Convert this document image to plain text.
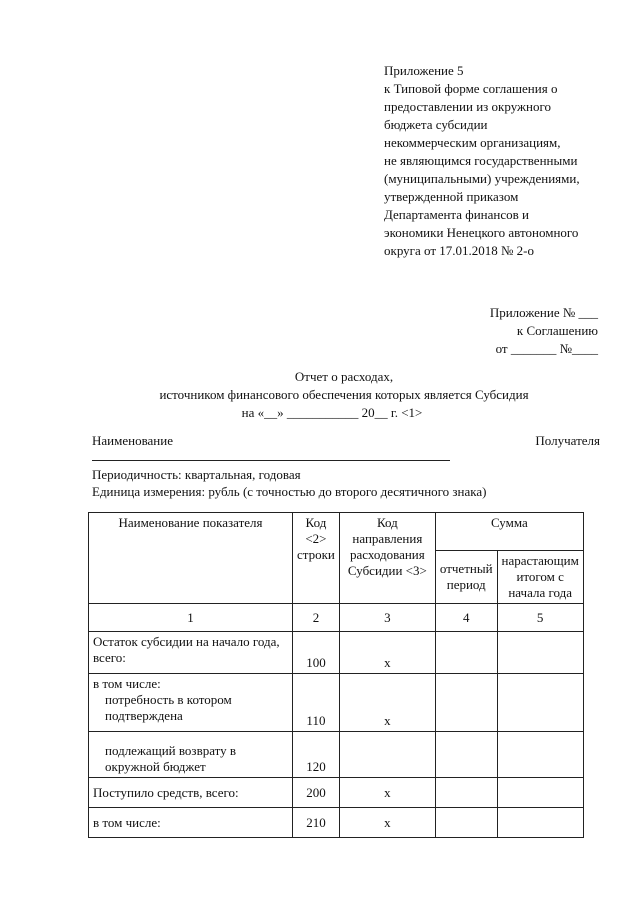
Приложение 5
к Типовой форме соглашения о
предоставлении из окружного
бюджета субсидии
некоммерческим организациям,
не являющимся государственными
(муниципальными) учреждениями,
утвержденной приказом
Департамента финансов и
экономики Ненецкого автономного
округа от 17.01.2018 № 2-о
Приложение № ___
к Соглашению
от _______ №____
Отчет о расходах,
источником финансового обеспечения которых является Субсидия
на «__» ___________ 20__ г. <1>
Наименование	Получателя
Периодичность: квартальная, годовая
Единица измерения: рубль (с точностью до второго десятичного знака)
Наименование показателя	Код <2> строки	Код направления расходования Субсидии <3>	Сумма	
			отчетный период	нарастающим итогом с начала года
1	2	3	4	5
Остаток субсидии на начало года, всего:	100	x		

в том числе:
потребность в котором подтверждена	110	x		
подлежащий возврату в окружной бюджет	120			
Поступило средств, всего:	200	x		
в том числе:	210	x		
